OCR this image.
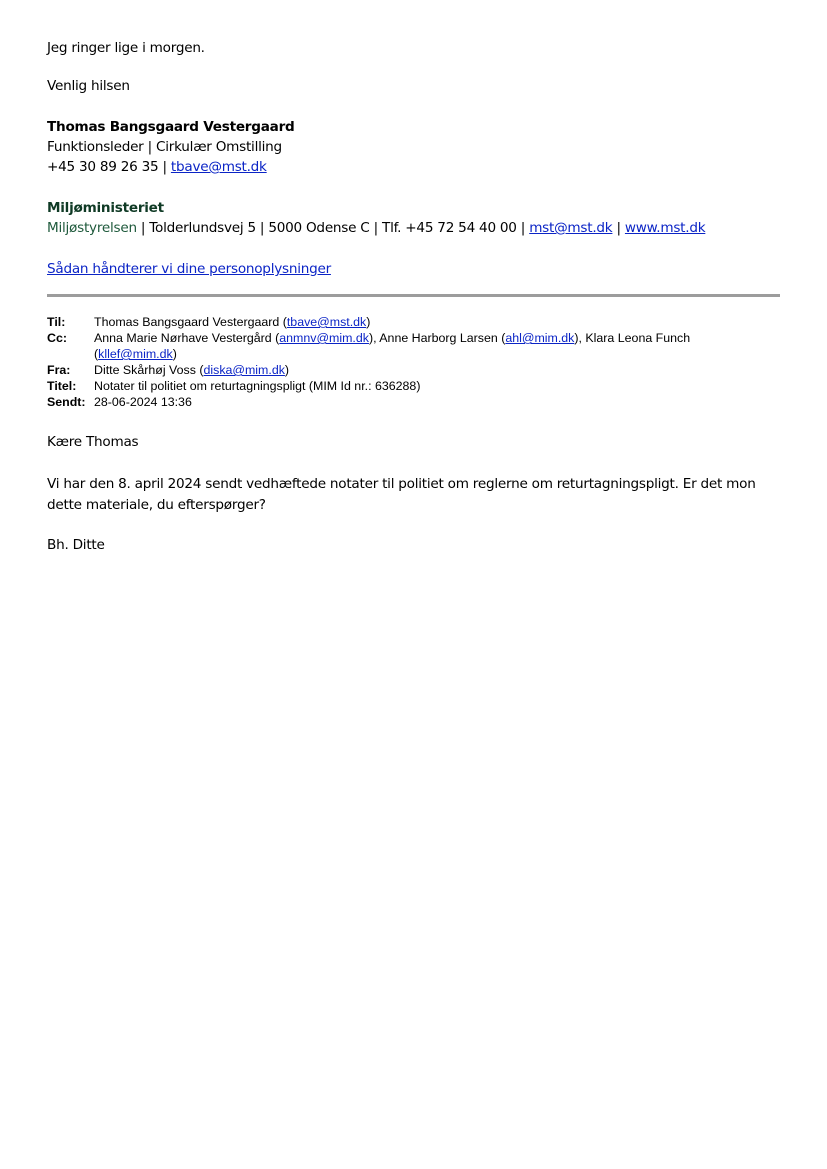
Jeg ringer lige i morgen.
Venlig hilsen
Thomas Bangsgaard Vestergaard
Funktionsleder | Cirkulær Omstilling
+45 30 89 26 35 | tbave@mst.dk
Miljøministeriet
Miljøstyrelsen | Tolderlundsvej 5 | 5000 Odense C | Tlf. +45 72 54 40 00 | mst@mst.dk | www.mst.dk
Sådan håndterer vi dine personoplysninger
Til: Thomas Bangsgaard Vestergaard (tbave@mst.dk)
Cc: Anna Marie Nørhave Vestergård (anmnv@mim.dk), Anne Harborg Larsen (ahl@mim.dk), Klara Leona Funch
(kllef@mim.dk)
Fra: Ditte Skårhøj Voss (diska@mim.dk)
Titel: Notater til politiet om returtagningspligt (MIM Id nr.: 636288)
Sendt: 28-06-2024 13:36
Kære Thomas
Vi har den 8. april 2024 sendt vedhæftede notater til politiet om reglerne om returtagningspligt. Er det mon dette materiale, du efterspørger?
Bh. Ditte
